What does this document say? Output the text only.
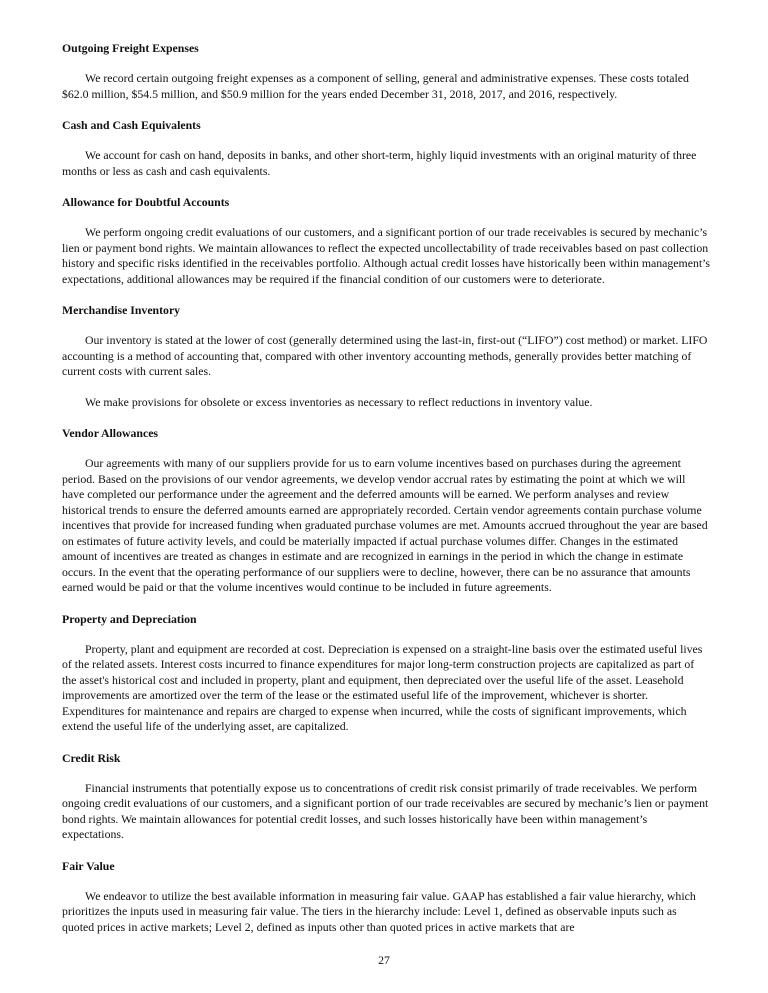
Outgoing Freight Expenses

We record certain outgoing freight expenses as a component of selling, general and administrative expenses. These costs totaled $62.0 million, $54.5 million, and $50.9 million for the years ended December 31, 2018, 2017, and 2016, respectively.

Cash and Cash Equivalents

We account for cash on hand, deposits in banks, and other short-term, highly liquid investments with an original maturity of three months or less as cash and cash equivalents.

Allowance for Doubtful Accounts

We perform ongoing credit evaluations of our customers, and a significant portion of our trade receivables is secured by mechanic’s lien or payment bond rights. We maintain allowances to reflect the expected uncollectability of trade receivables based on past collection history and specific risks identified in the receivables portfolio. Although actual credit losses have historically been within management’s expectations, additional allowances may be required if the financial condition of our customers were to deteriorate.

Merchandise Inventory

Our inventory is stated at the lower of cost (generally determined using the last-in, first-out (“LIFO”) cost method) or market. LIFO accounting is a method of accounting that, compared with other inventory accounting methods, generally provides better matching of current costs with current sales.

We make provisions for obsolete or excess inventories as necessary to reflect reductions in inventory value.

Vendor Allowances

Our agreements with many of our suppliers provide for us to earn volume incentives based on purchases during the agreement period. Based on the provisions of our vendor agreements, we develop vendor accrual rates by estimating the point at which we will have completed our performance under the agreement and the deferred amounts will be earned. We perform analyses and review historical trends to ensure the deferred amounts earned are appropriately recorded. Certain vendor agreements contain purchase volume incentives that provide for increased funding when graduated purchase volumes are met. Amounts accrued throughout the year are based on estimates of future activity levels, and could be materially impacted if actual purchase volumes differ. Changes in the estimated amount of incentives are treated as changes in estimate and are recognized in earnings in the period in which the change in estimate occurs. In the event that the operating performance of our suppliers were to decline, however, there can be no assurance that amounts earned would be paid or that the volume incentives would continue to be included in future agreements.

Property and Depreciation

Property, plant and equipment are recorded at cost. Depreciation is expensed on a straight-line basis over the estimated useful lives of the related assets. Interest costs incurred to finance expenditures for major long-term construction projects are capitalized as part of the asset's historical cost and included in property, plant and equipment, then depreciated over the useful life of the asset. Leasehold improvements are amortized over the term of the lease or the estimated useful life of the improvement, whichever is shorter. Expenditures for maintenance and repairs are charged to expense when incurred, while the costs of significant improvements, which extend the useful life of the underlying asset, are capitalized.

Credit Risk

Financial instruments that potentially expose us to concentrations of credit risk consist primarily of trade receivables. We perform ongoing credit evaluations of our customers, and a significant portion of our trade receivables are secured by mechanic’s lien or payment bond rights. We maintain allowances for potential credit losses, and such losses historically have been within management’s expectations.

Fair Value

We endeavor to utilize the best available information in measuring fair value. GAAP has established a fair value hierarchy, which prioritizes the inputs used in measuring fair value. The tiers in the hierarchy include: Level 1, defined as observable inputs such as quoted prices in active markets; Level 2, defined as inputs other than quoted prices in active markets that are

27
